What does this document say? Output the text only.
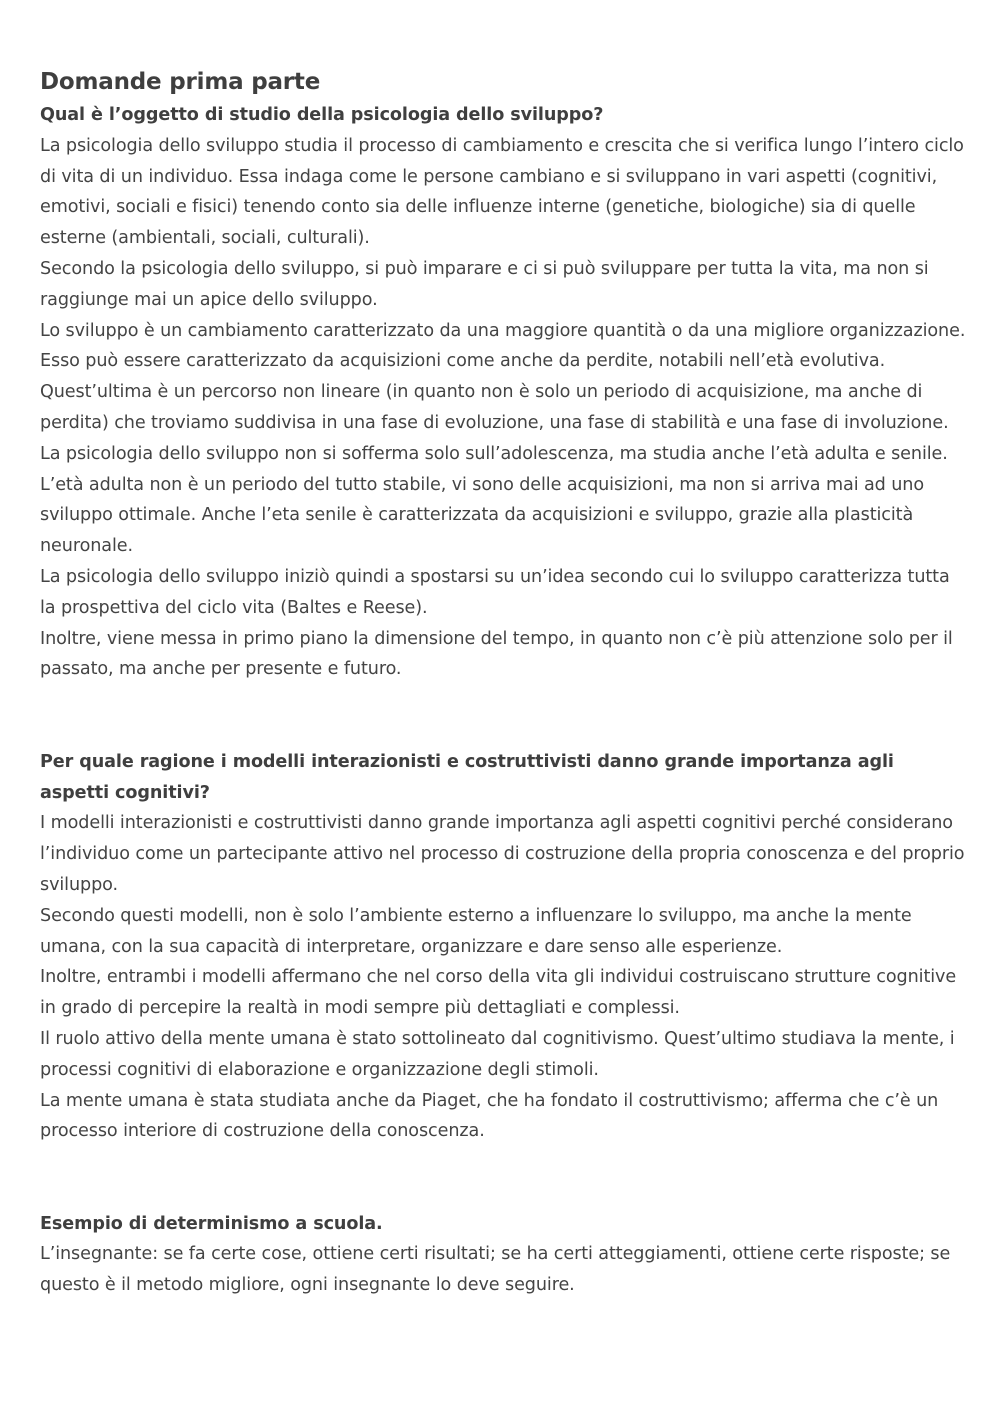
Domande prima parte

Qual è l’oggetto di studio della psicologia dello sviluppo?

La psicologia dello sviluppo studia il processo di cambiamento e crescita che si verifica lungo l’intero ciclo di vita di un individuo. Essa indaga come le persone cambiano e si sviluppano in vari aspetti (cognitivi, emotivi, sociali e fisici) tenendo conto sia delle influenze interne (genetiche, biologiche) sia di quelle esterne (ambientali, sociali, culturali).

Secondo la psicologia dello sviluppo, si può imparare e ci si può sviluppare per tutta la vita, ma non si raggiunge mai un apice dello sviluppo.

Lo sviluppo è un cambiamento caratterizzato da una maggiore quantità o da una migliore organizzazione. Esso può essere caratterizzato da acquisizioni come anche da perdite, notabili nell’età evolutiva. Quest’ultima è un percorso non lineare (in quanto non è solo un periodo di acquisizione, ma anche di perdita) che troviamo suddivisa in una fase di evoluzione, una fase di stabilità e una fase di involuzione.

La psicologia dello sviluppo non si sofferma solo sull’adolescenza, ma studia anche l’età adulta e senile. L’età adulta non è un periodo del tutto stabile, vi sono delle acquisizioni, ma non si arriva mai ad uno sviluppo ottimale. Anche l’eta senile è caratterizzata da acquisizioni e sviluppo, grazie alla plasticità neuronale.

La psicologia dello sviluppo iniziò quindi a spostarsi su un’idea secondo cui lo sviluppo caratterizza tutta la prospettiva del ciclo vita (Baltes e Reese).

Inoltre, viene messa in primo piano la dimensione del tempo, in quanto non c’è più attenzione solo per il passato, ma anche per presente e futuro.

Per quale ragione i modelli interazionisti e costruttivisti danno grande importanza agli aspetti cognitivi?

I modelli interazionisti e costruttivisti danno grande importanza agli aspetti cognitivi perché considerano l’individuo come un partecipante attivo nel processo di costruzione della propria conoscenza e del proprio sviluppo.

Secondo questi modelli, non è solo l’ambiente esterno a influenzare lo sviluppo, ma anche la mente umana, con la sua capacità di interpretare, organizzare e dare senso alle esperienze.

Inoltre, entrambi i modelli affermano che nel corso della vita gli individui costruiscano strutture cognitive in grado di percepire la realtà in modi sempre più dettagliati e complessi.

Il ruolo attivo della mente umana è stato sottolineato dal cognitivismo. Quest’ultimo studiava la mente, i processi cognitivi di elaborazione e organizzazione degli stimoli.

La mente umana è stata studiata anche da Piaget, che ha fondato il costruttivismo; afferma che c’è un processo interiore di costruzione della conoscenza.

Esempio di determinismo a scuola.

L’insegnante: se fa certe cose, ottiene certi risultati; se ha certi atteggiamenti, ottiene certe risposte; se questo è il metodo migliore, ogni insegnante lo deve seguire.
